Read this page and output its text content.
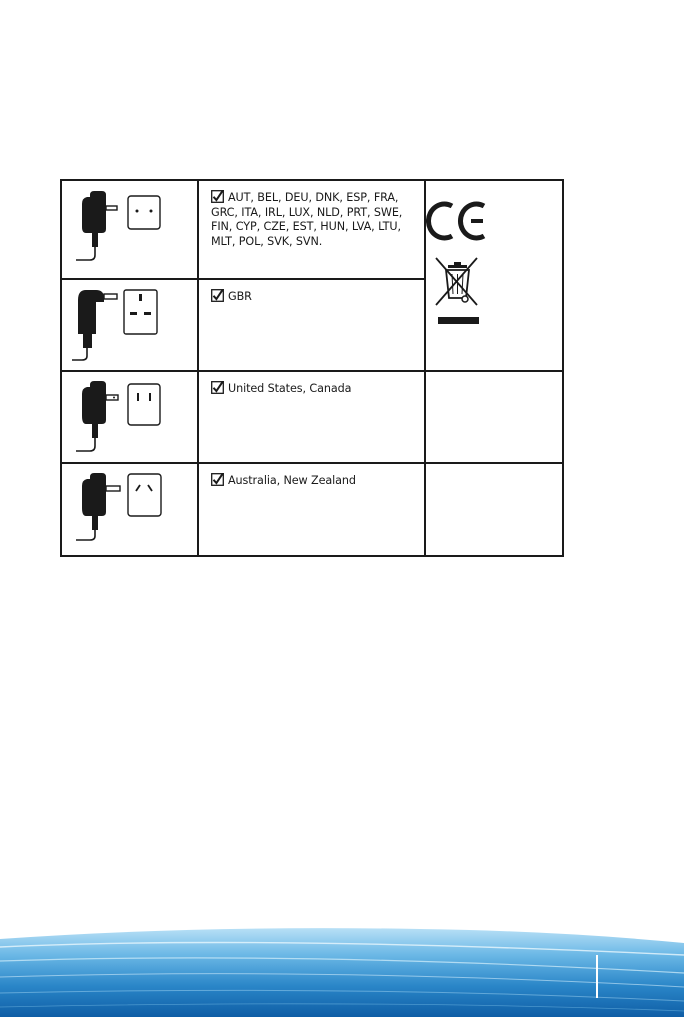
AUT, BEL, DEU, DNK, ESP, FRA, GRC, ITA, IRL, LUX, NLD, PRT, SWE, FIN, CYP, CZE, EST, HUN, LVA, LTU, MLT, POL, SVK, SVN.
GBR
United States, Canada
Australia, New Zealand
